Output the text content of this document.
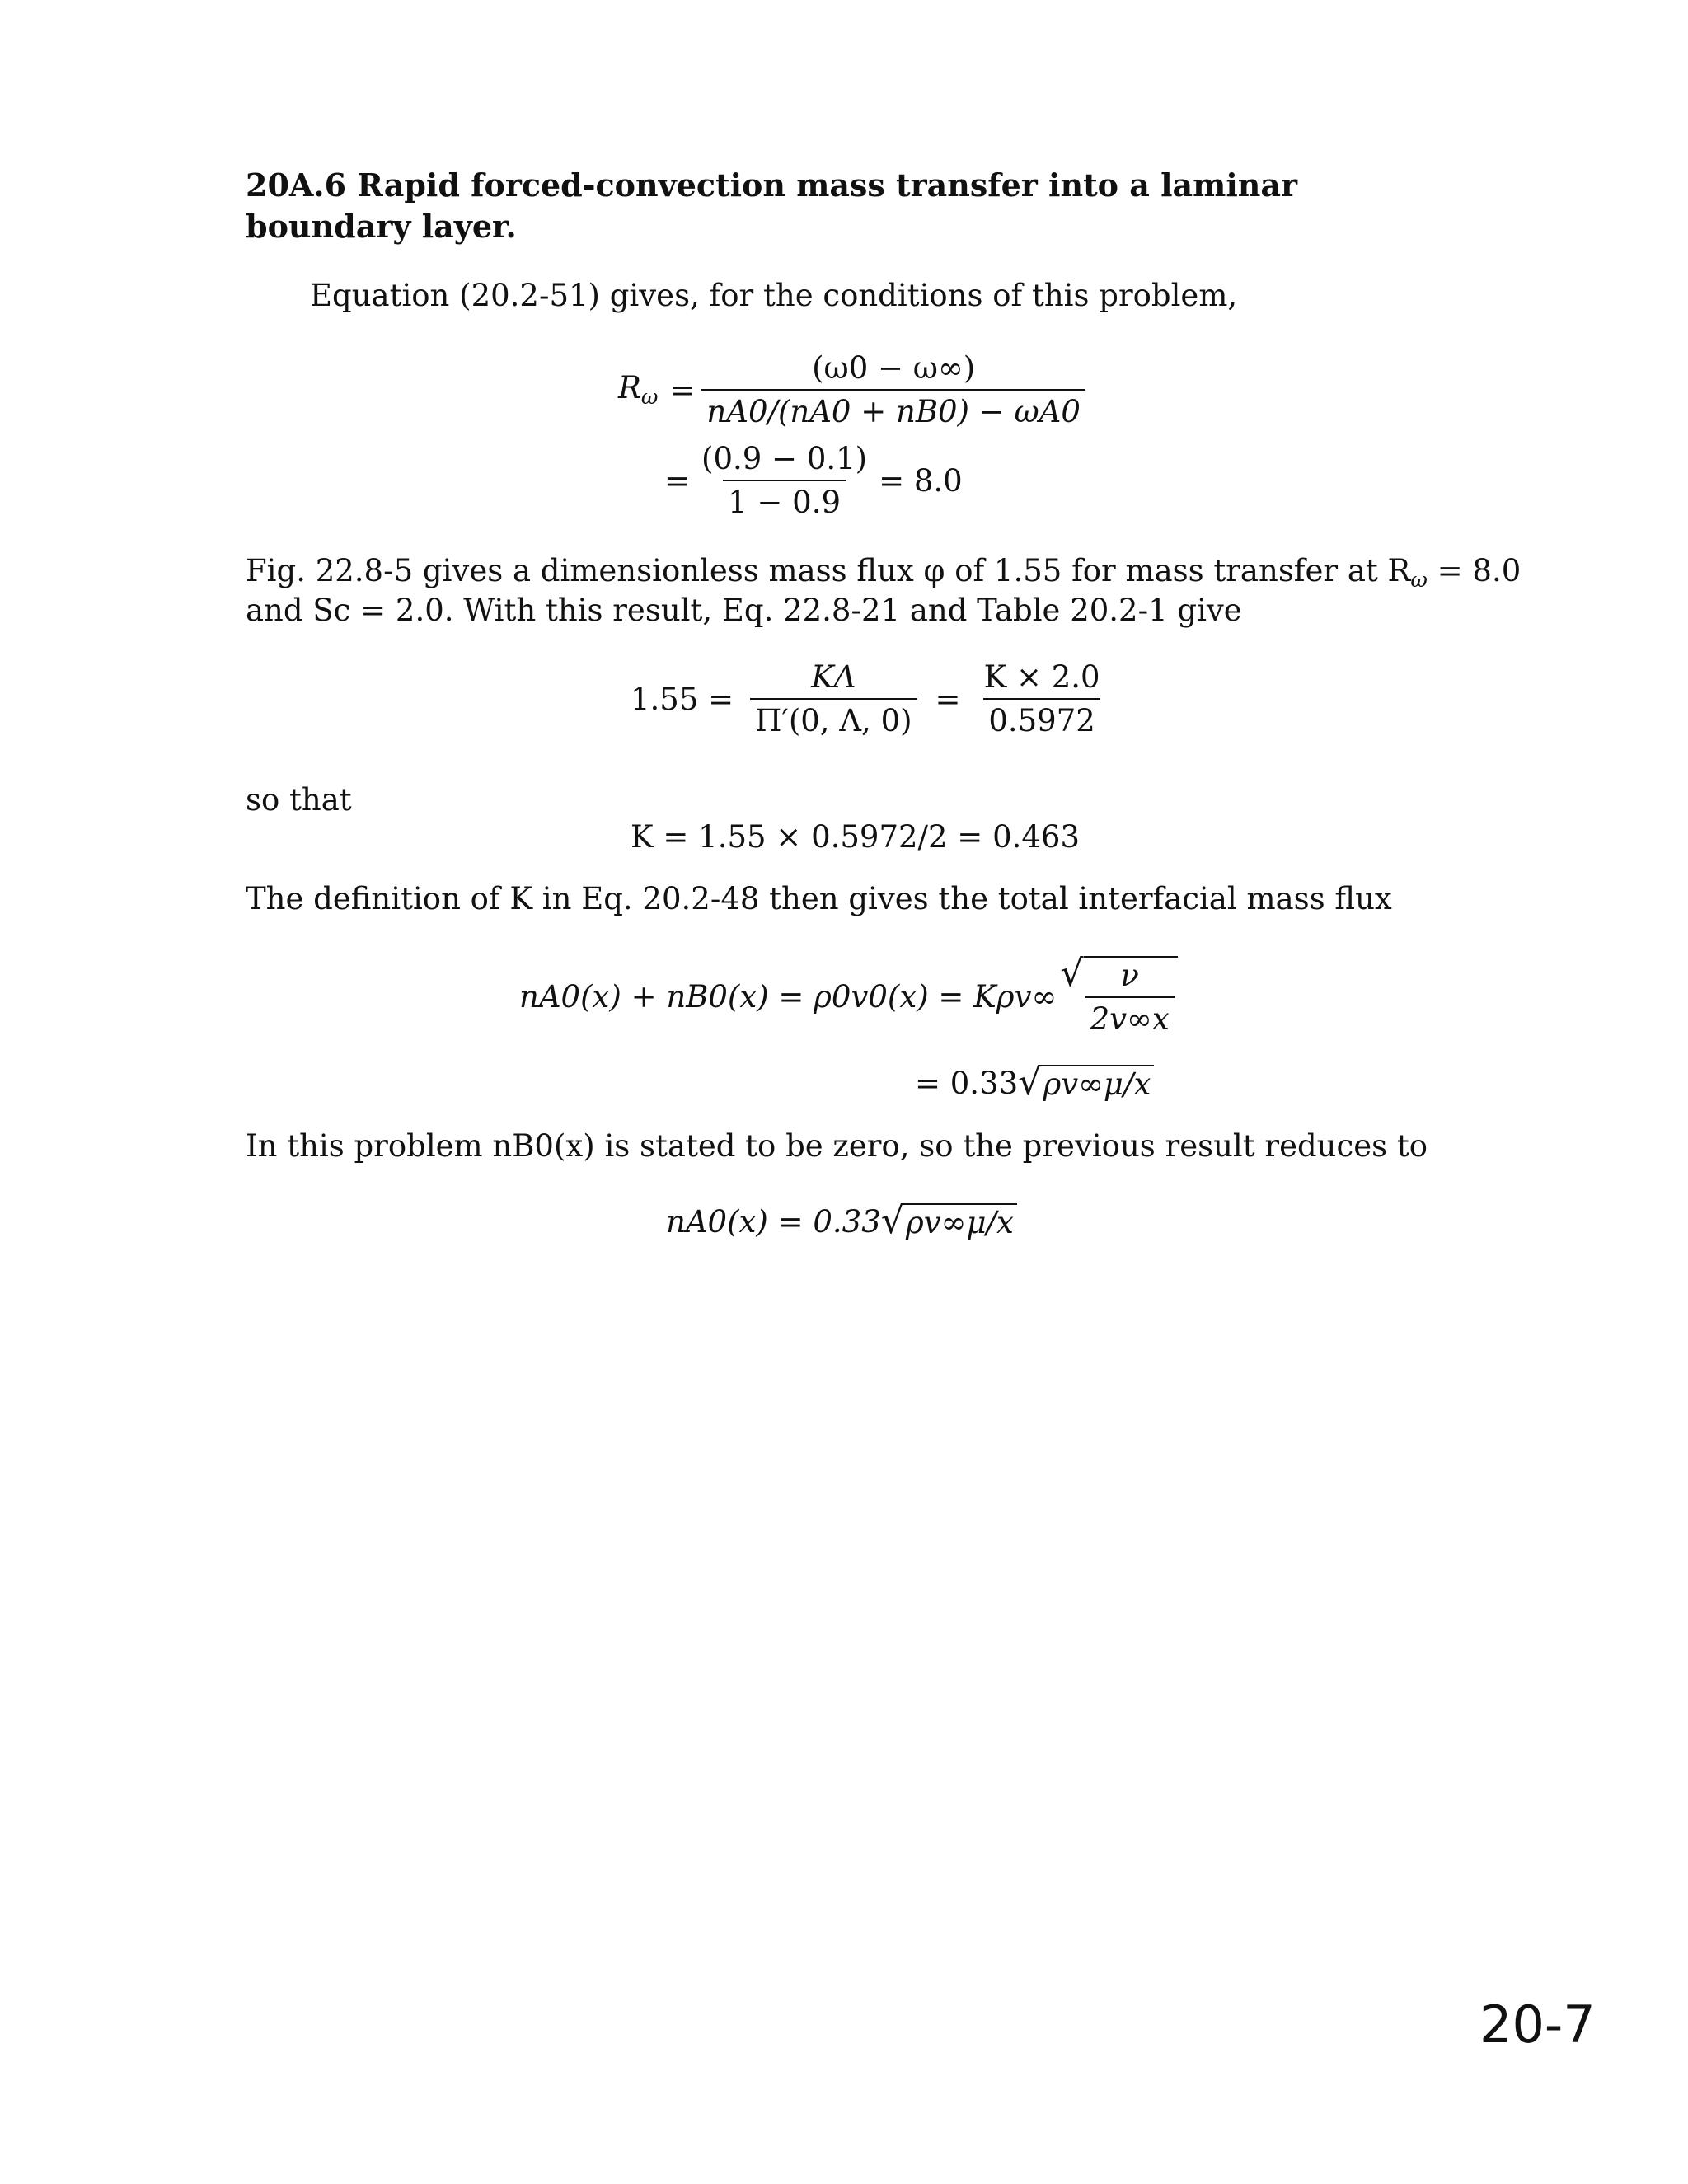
20A.6 Rapid forced-convection mass transfer into a laminar boundary layer.
Equation (20.2-51) gives, for the conditions of this problem,
$R_\omega = \frac{(\omega 0 - \omega\infty)}{nA0/(nA0 + nB0) - \omega A0}$
= $\frac{(0.9 - 0.1)}{1 - 0.9} = 8.0$
Fig. 22.8-5 gives a dimensionless mass flux φ of 1.55 for mass transfer at $R_\omega = 8.0$
and Sc = 2.0. With this result, Eq. 22.8-21 and Table 20.2-1 give
$1.55 = \frac{K\Lambda}{\Pi'(0, \Lambda, 0)} = \frac{K \times 2.0}{0.5972}$
so that
K = 1.55 × 0.5972/2 = 0.463
The definition of K in Eq. 20.2-48 then gives the total interfacial mass flux
nA0(x) + nB0(x) = ρ0v0(x) = Kρv∞
√ $\frac{\nu}{2v\infty x}$
= 0.33 √ ρv∞μ/x
In this problem nB0(x) is stated to be zero, so the previous result reduces to
nA0(x) = 0.33 √ ρv∞μ/x
20-7
